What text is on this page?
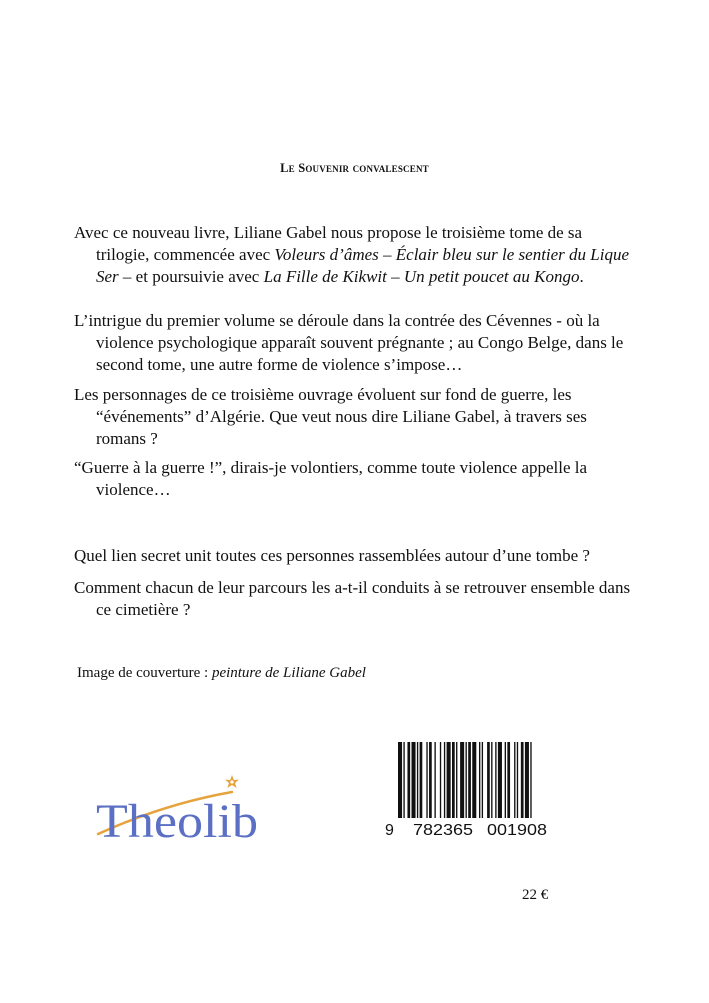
Le Souvenir convalescent

Avec ce nouveau livre, Liliane Gabel nous propose le troisième tome de sa trilogie, commencée avec Voleurs d’âmes – Éclair bleu sur le sentier du Lique Ser – et poursuivie avec La Fille de Kikwit – Un petit poucet au Kongo.

L’intrigue du premier volume se déroule dans la contrée des Cévennes - où la violence psychologique apparaît souvent prégnante ; au Congo Belge, dans le second tome, une autre forme de violence s’impose…

Les personnages de ce troisième ouvrage évoluent sur fond de guerre, les “événements” d’Algérie. Que veut nous dire Liliane Gabel, à travers ses romans ?

“Guerre à la guerre !”, dirais-je volontiers, comme toute violence appelle la violence…

Quel lien secret unit toutes ces personnes rassemblées autour d’une tombe ?

Comment chacun de leur parcours les a-t-il conduits à se retrouver ensemble dans ce cimetière ?

Image de couverture : peinture de Liliane Gabel
Theolib	9 782365 001908
22 €
